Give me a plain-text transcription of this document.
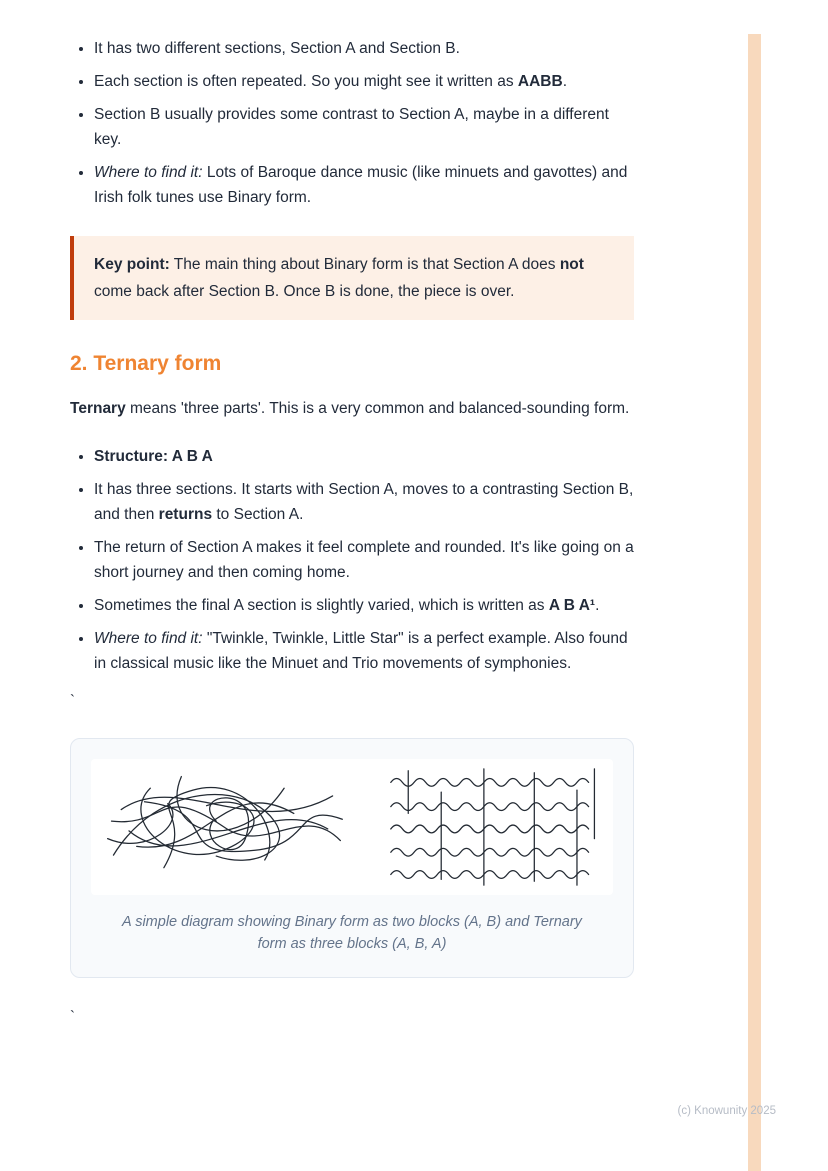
• It has two different sections, Section A and Section B.
• Each section is often repeated. So you might see it written as AABB.
• Section B usually provides some contrast to Section A, maybe in a different key.
• Where to find it: Lots of Baroque dance music (like minuets and gavottes) and Irish folk tunes use Binary form.
Key point: The main thing about Binary form is that Section A does not come back after Section B. Once B is done, the piece is over.
2. Ternary form

Ternary means 'three parts'. This is a very common and balanced-sounding form.

• Structure: A B A
• It has three sections. It starts with Section A, moves to a contrasting Section B, and then returns to Section A.
• The return of Section A makes it feel complete and rounded. It's like going on a short journey and then coming home.
• Sometimes the final A section is slightly varied, which is written as A B A¹.
• Where to find it: "Twinkle, Twinkle, Little Star" is a perfect example. Also found in classical music like the Minuet and Trio movements of symphonies.

`

A simple diagram showing Binary form as two blocks (A, B) and Ternary form as three blocks (A, B, A)

`

(c) Knowunity 2025
